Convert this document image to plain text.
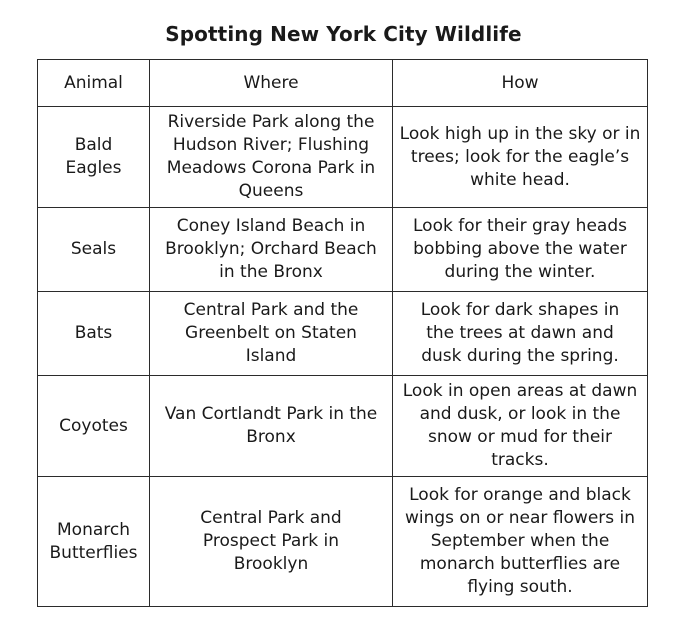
Spotting New York City Wildlife
Animal	Where	How
Bald Eagles	Riverside Park along the Hudson River; Flushing Meadows Corona Park in Queens	Look high up in the sky or in trees; look for the eagle’s white head.
Seals	Coney Island Beach in Brooklyn; Orchard Beach in the Bronx	Look for their gray heads bobbing above the water during the winter.
Bats	Central Park and the Greenbelt on Staten Island	Look for dark shapes in the trees at dawn and dusk during the spring.
Coyotes	Van Cortlandt Park in the Bronx	Look in open areas at dawn and dusk, or look in the snow or mud for their tracks.
Monarch Butterflies	Central Park and Prospect Park in Brooklyn	Look for orange and black wings on or near flowers in September when the monarch butterflies are flying south.
